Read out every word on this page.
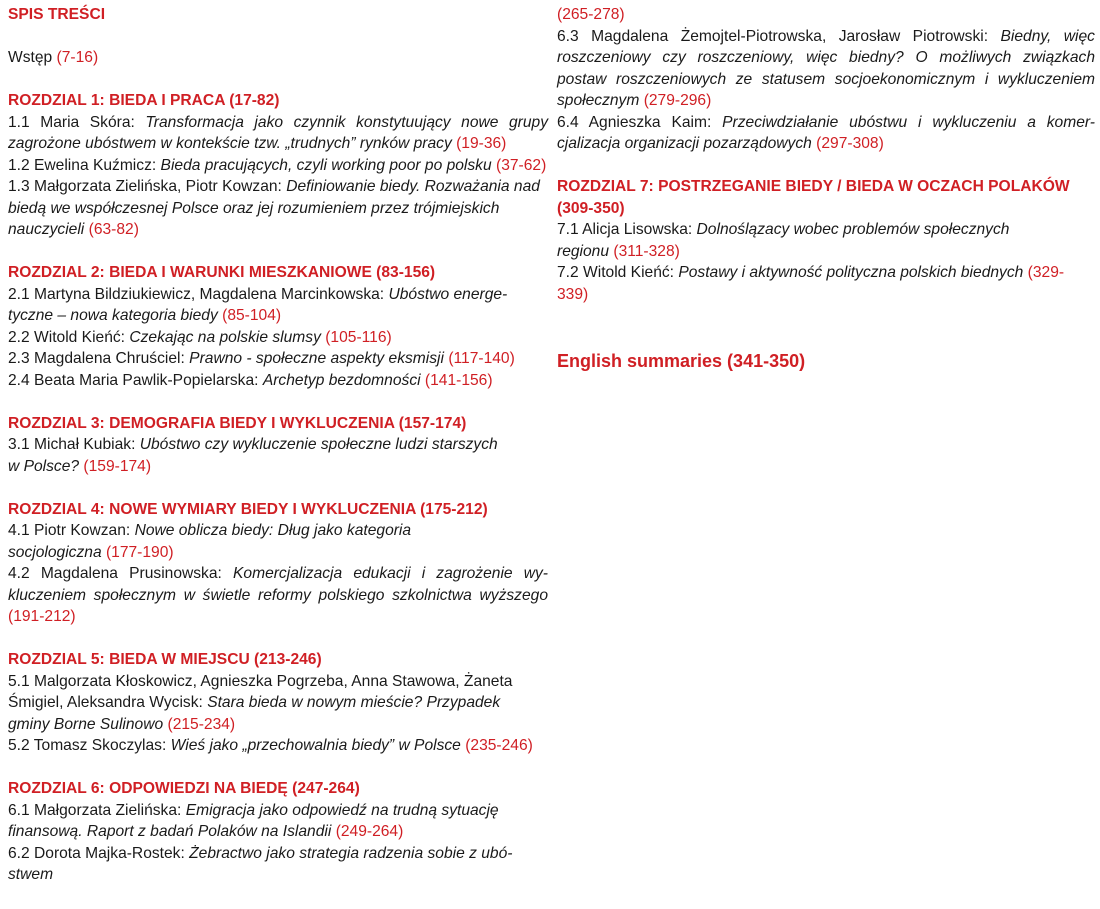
SPIS TREŚCI
Wstęp (7-16)
ROZDZIAL 1: BIEDA I PRACA (17-82)
1.1 Maria Skóra: Transformacja jako czynnik konstytuujący nowe grupy zagrożone ubóstwem w kontekście tzw. „trudnych” rynków pracy (19-36)
1.2 Ewelina Kuźmicz: Bieda pracujących, czyli working poor po polsku (37-62)
1.3 Małgorzata Zielińska, Piotr Kowzan: Definiowanie biedy. Rozważania nad biedą we współczesnej Polsce oraz jej rozumieniem przez trójmiejskich nauczycieli (63-82)
ROZDZIAL 2: BIEDA I WARUNKI MIESZKANIOWE (83-156)
2.1 Martyna Bildziukiewicz, Magdalena Marcinkowska: Ubóstwo energe-tyczne – nowa kategoria biedy (85-104)
2.2 Witold Kieńć: Czekając na polskie slumsy (105-116)
2.3 Magdalena Chruściel: Prawno - społeczne aspekty eksmisji (117-140)
2.4 Beata Maria Pawlik-Popielarska: Archetyp bezdomności (141-156)
ROZDZIAL 3: DEMOGRAFIA BIEDY I WYKLUCZENIA (157-174)
3.1 Michał Kubiak: Ubóstwo czy wykluczenie społeczne ludzi starszych w Polsce? (159-174)
ROZDZIAL 4: NOWE WYMIARY BIEDY I WYKLUCZENIA (175-212)
4.1 Piotr Kowzan: Nowe oblicza biedy: Dług jako kategoria socjologiczna (177-190)
4.2 Magdalena Prusinowska: Komercjalizacja edukacji i zagrożenie wy-kluczeniem społecznym w świetle reformy polskiego szkolnictwa wyższego (191-212)
ROZDZIAL 5: BIEDA W MIEJSCU (213-246)
5.1 Malgorzata Kłoskowicz, Agnieszka Pogrzeba, Anna Stawowa, Żaneta Śmigiel, Aleksandra Wycisk: Stara bieda w nowym mieście? Przypadek gminy Borne Sulinowo (215-234)
5.2 Tomasz Skoczylas: Wieś jako „przechowalnia biedy” w Polsce (235-246)
ROZDZIAL 6: ODPOWIEDZI NA BIEDĘ (247-264)
6.1 Małgorzata Zielińska: Emigracja jako odpowiedź na trudną sytuację finansową. Raport z badań Polaków na Islandii (249-264)
6.2 Dorota Majka-Rostek: Żebractwo jako strategia radzenia sobie z ubó-stwem
(265-278)
6.3 Magdalena Żemojtel-Piotrowska, Jarosław Piotrowski: Biedny, więc roszczeniowy czy roszczeniowy, więc biedny? O możliwych związkach postaw roszczeniowych ze statusem socjoekonomicznym i wykluczeniem społecznym (279-296)
6.4 Agnieszka Kaim: Przeciwdziałanie ubóstwu i wykluczeniu a komer-cjalizacja organizacji pozarządowych (297-308)
ROZDZIAL 7: POSTRZEGANIE BIEDY / BIEDA W OCZACH POLAKÓW (309-350)
7.1 Alicja Lisowska: Dolnoślązacy wobec problemów społecznych regionu (311-328)
7.2 Witold Kieńć: Postawy i aktywność polityczna polskich biednych (329-339)
English summaries (341-350)
